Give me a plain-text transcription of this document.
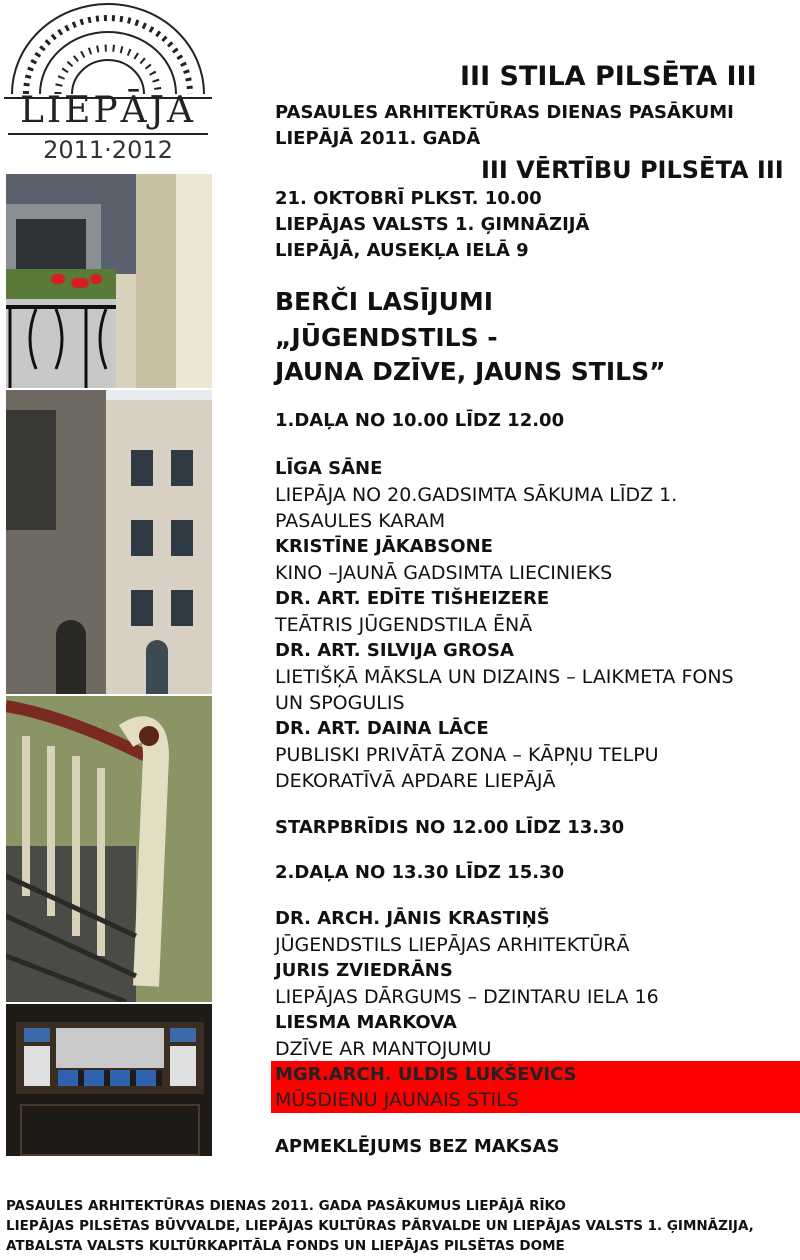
LIEPĀJA
2011·2012
III STILA PILSĒTA III
PASAULES ARHITEKTŪRAS DIENAS PASĀKUMI
LIEPĀJĀ 2011. GADĀ
III VĒRTĪBU PILSĒTA III
21. OKTOBRĪ PLKST. 10.00
LIEPĀJAS VALSTS 1. ĢIMNĀZIJĀ
LIEPĀJĀ, AUSEKĻA IELĀ 9
BERČI LASĪJUMI
„JŪGENDSTILS -
JAUNA DZĪVE, JAUNS STILS”
1.DAĻA NO 10.00 LĪDZ 12.00
LĪGA SĀNE
LIEPĀJA NO 20.GADSIMTA SĀKUMA LĪDZ 1.
PASAULES KARAM
KRISTĪNE JĀKABSONE
KINO –JAUNĀ GADSIMTA LIECINIEKS
DR. ART. EDĪTE TIŠHEIZERE
TEĀTRIS JŪGENDSTILA ĒNĀ
DR. ART. SILVIJA GROSA
LIETIŠĶĀ MĀKSLA UN DIZAINS – LAIKMETA FONS
UN SPOGULIS
DR. ART. DAINA LĀCE
PUBLISKI PRIVĀTĀ ZONA – KĀPŅU TELPU
DEKORATĪVĀ APDARE LIEPĀJĀ
STARPBRĪDIS NO 12.00 LĪDZ 13.30
2.DAĻA NO 13.30 LĪDZ 15.30
DR. ARCH. JĀNIS KRASTIŅŠ
JŪGENDSTILS LIEPĀJAS ARHITEKTŪRĀ
JURIS ZVIEDRĀNS
LIEPĀJAS DĀRGUMS – DZINTARU IELA 16
LIESMA MARKOVA
DZĪVE AR MANTOJUMU
MGR.ARCH. ULDIS LUKŠEVICS
MŪSDIENU JAUNAIS STILS
APMEKLĒJUMS BEZ MAKSAS
PASAULES ARHITEKTŪRAS DIENAS 2011. GADA PASĀKUMUS LIEPĀJĀ RĪKO
LIEPĀJAS PILSĒTAS BŪVVALDE, LIEPĀJAS KULTŪRAS PĀRVALDE UN LIEPĀJAS VALSTS 1. ĢIMNĀZIJA,
ATBALSTA VALSTS KULTŪRKAPITĀLA FONDS UN LIEPĀJAS PILSĒTAS DOME
